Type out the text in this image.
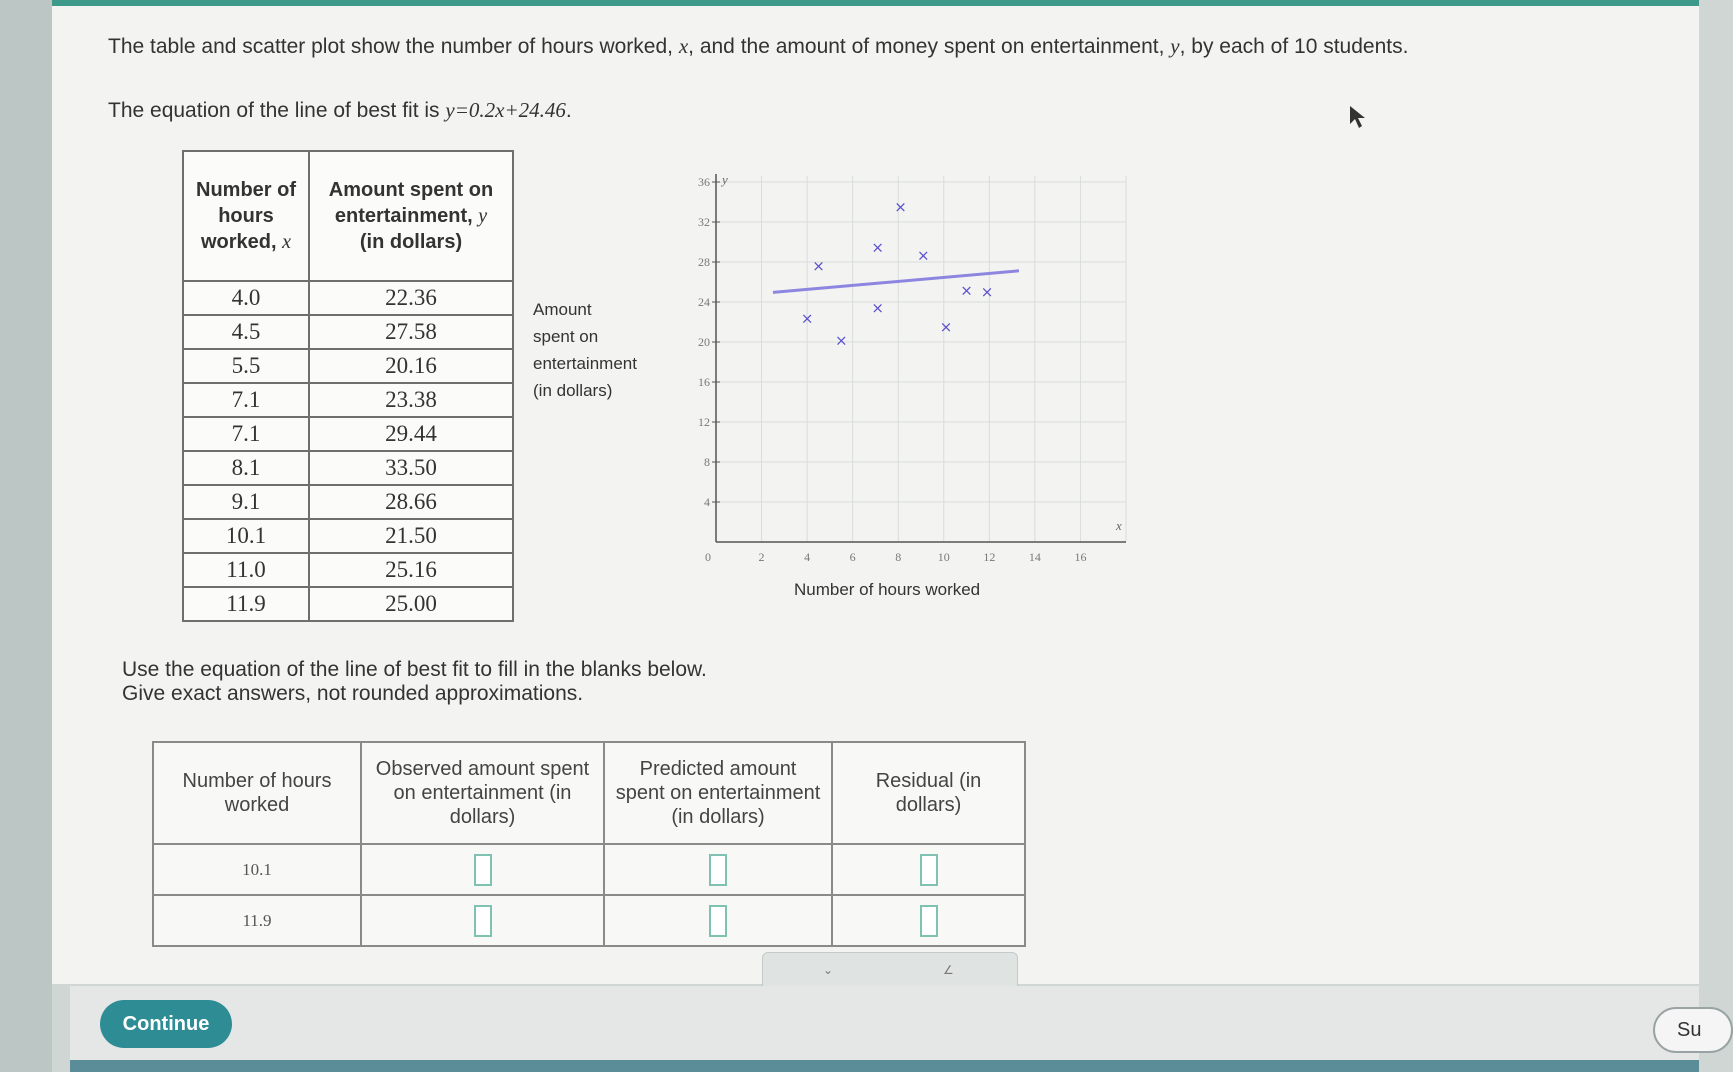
The table and scatter plot show the number of hours worked, x, and the amount of money spent on entertainment, y, by each of 10 students.
The equation of the line of best fit is y=0.2x+24.46.
Number of hours worked, x	Amount spent on entertainment, y
(in dollars)
4.0	22.36
4.5	27.58
5.5	20.16
7.1	23.38
7.1	29.44
8.1	33.50
9.1	28.66
10.1	21.50
11.0	25.16
11.9	25.00
Amount
spent on
entertainment
(in dollars)
0	2	4	6	8	10	12	14	16
4
8
12
16
20
24
28
32
36 y
x
×
×
×
×
×
×
×
×
× ×
Number of hours worked
Use the equation of the line of best fit to fill in the blanks below.
Give exact answers, not rounded approximations.
Number of hours worked	Observed amount spent on entertainment (in dollars)	Predicted amount spent on entertainment (in dollars)	Residual (in dollars)
10.1			
11.9			
⌄	∠
Continue	Su
